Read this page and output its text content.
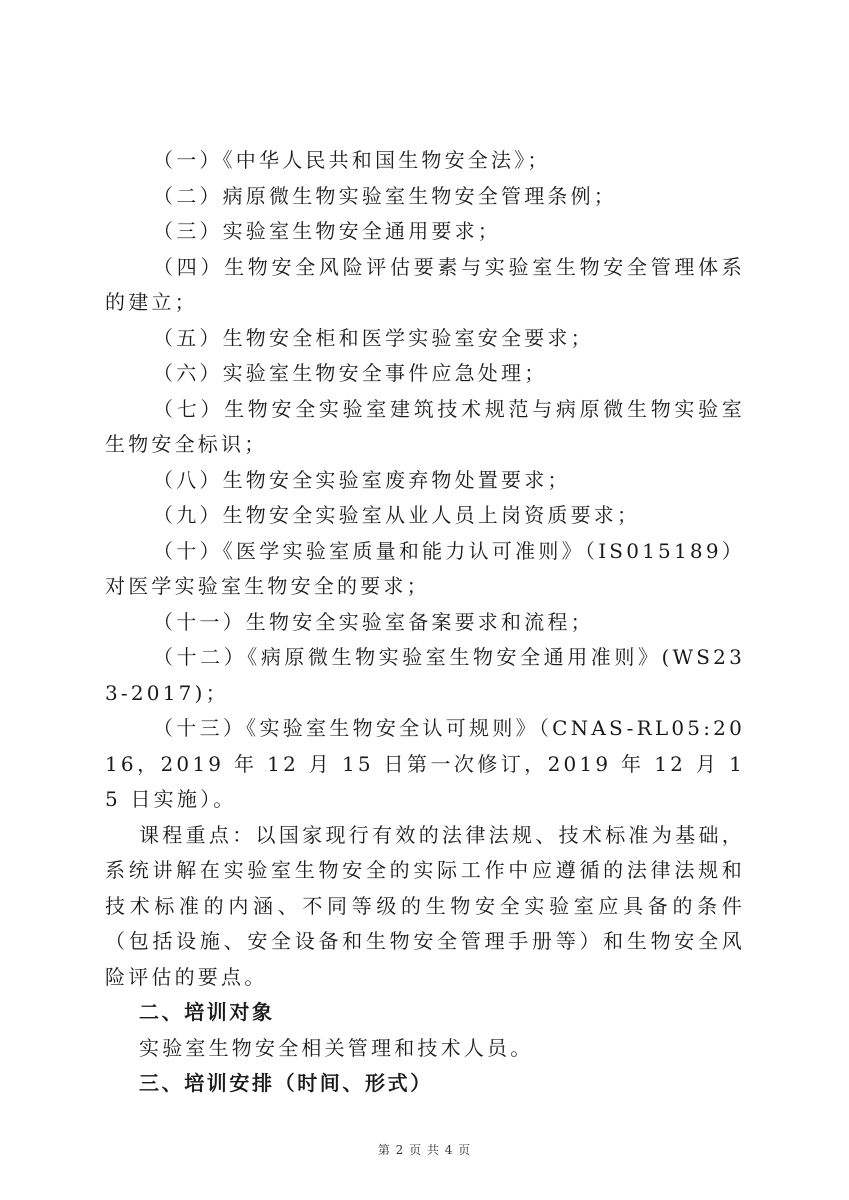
（一）《中华人民共和国生物安全法》；

（二）病原微生物实验室生物安全管理条例；

（三）实验室生物安全通用要求；

（四）生物安全风险评估要素与实验室生物安全管理体系的建立；

（五）生物安全柜和医学实验室安全要求；

（六）实验室生物安全事件应急处理；

（七）生物安全实验室建筑技术规范与病原微生物实验室生物安全标识；

（八）生物安全实验室废弃物处置要求；

（九）生物安全实验室从业人员上岗资质要求；

（十）《医学实验室质量和能力认可准则》（IS015189）对医学实验室生物安全的要求；

（十一）生物安全实验室备案要求和流程；

（十二）《病原微生物实验室生物安全通用准则》(WS233-2017)；

（十三）《实验室生物安全认可规则》（CNAS-RL05:2016，2019 年 12 月 15 日第一次修订，2019 年 12 月 15 日实施）。

课程重点：以国家现行有效的法律法规、技术标准为基础，系统讲解在实验室生物安全的实际工作中应遵循的法律法规和技术标准的内涵、不同等级的生物安全实验室应具备的条件（包括设施、安全设备和生物安全管理手册等）和生物安全风险评估的要点。

二、培训对象

实验室生物安全相关管理和技术人员。

三、培训安排（时间、形式）

第 2 页 共 4 页
